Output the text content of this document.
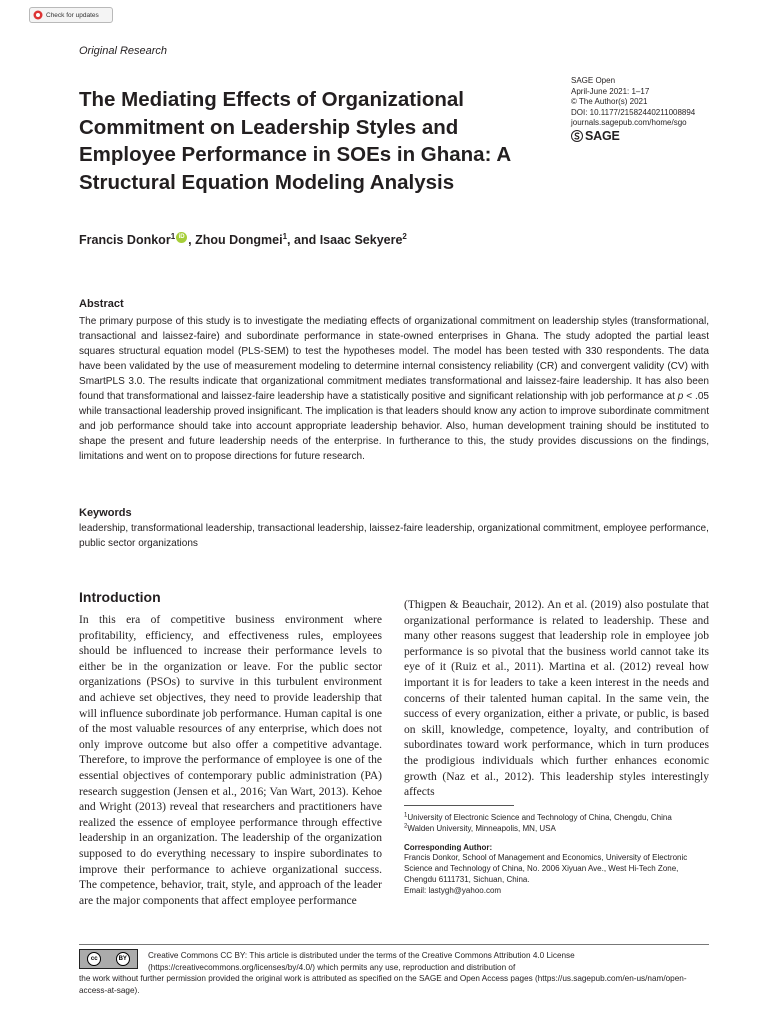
Check for updates
Original Research
The Mediating Effects of Organizational Commitment on Leadership Styles and Employee Performance in SOEs in Ghana: A Structural Equation Modeling Analysis
SAGE Open
April-June 2021: 1–17
© The Author(s) 2021
DOI: 10.1177/21582440211008894
journals.sagepub.com/home/sgo
SAGE
Francis Donkor$^1$ iD , Zhou Dongmei$^1$ , and Isaac Sekyere$^2$
Abstract

The primary purpose of this study is to investigate the mediating effects of organizational commitment on leadership styles (transformational, transactional and laissez-faire) and subordinate performance in state-owned enterprises in Ghana. The study adopted the partial least squares structural equation model (PLS-SEM) to test the hypotheses model. The model has been tested with 330 respondents. The data have been validated by the use of measurement modeling to determine internal consistency reliability (CR) and convergent validity (CV) with SmartPLS 3.0. The results indicate that organizational commitment mediates transformational and laissez-faire leadership. It has also been found that transformational and laissez-faire leadership have a statistically positive and significant relationship with job performance at p < .05 while transactional leadership proved insignificant. The implication is that leaders should know any action to improve subordinate commitment and job performance should take into account appropriate leadership behavior. Also, human development training should be instituted to shape the present and future leadership needs of the enterprise. In furtherance to this, the study provides discussions on the findings, limitations and went on to propose directions for future research.

Keywords

leadership, transformational leadership, transactional leadership, laissez-faire leadership, organizational commitment, employee performance, public sector organizations

Introduction

In this era of competitive business environment where profitability, efficiency, and effectiveness rules, employees should be influenced to increase their performance levels to either be in the organization or leave. For the public sector organizations (PSOs) to survive in this turbulent environment and achieve set objectives, they need to provide leadership that will influence subordinate job performance. Human capital is one of the most valuable resources of any enterprise, which does not only improve outcome but also offer a competitive advantage. Therefore, to improve the performance of employee is one of the essential objectives of contemporary public administration (PA) research suggestion (Jensen et al., 2016; Van Wart, 2013). Kehoe and Wright (2013) reveal that researchers and practitioners have realized the essence of employee performance through effective leadership in an organization. The leadership of the organization supposed to do everything necessary to inspire subordinates to improve their performance to achieve organizational success. The competence, behavior, trait, style, and approach of the leader are the major components that affect employee performance

(Thigpen & Beauchair, 2012). An et al. (2019) also postulate that organizational performance is related to leadership. These and many other reasons suggest that leadership role in employee job performance is so pivotal that the business world cannot take its eye of it (Ruiz et al., 2011). Martina et al. (2012) reveal how important it is for leaders to take a keen interest in the needs and concerns of their talented human capital. In the same vein, the success of every organization, either a private, or public, is based on skill, knowledge, competence, loyalty, and contribution of subordinates toward work performance, which in turn produces the prodigious individuals which further enhances economic growth (Naz et al., 2012). This leadership styles interestingly affects

$^1$University of Electronic Science and Technology of China, Chengdu, China

$^2$Walden University, Minneapolis, MN, USA

Corresponding Author:

Francis Donkor, School of Management and Economics, University of Electronic Science and Technology of China, No. 2006 Xiyuan Ave., West Hi-Tech Zone, Chengdu 6111731, Sichuan, China.

Email: lastygh@yahoo.com

cc	BY	Creative Commons CC BY: This article is distributed under the terms of the Creative Commons Attribution 4.0 License (https://creativecommons.org/licenses/by/4.0/) which permits any use, reproduction and distribution of

the work without further permission provided the original work is attributed as specified on the SAGE and Open Access pages (https://us.sagepub.com/en-us/nam/open-access-at-sage).
